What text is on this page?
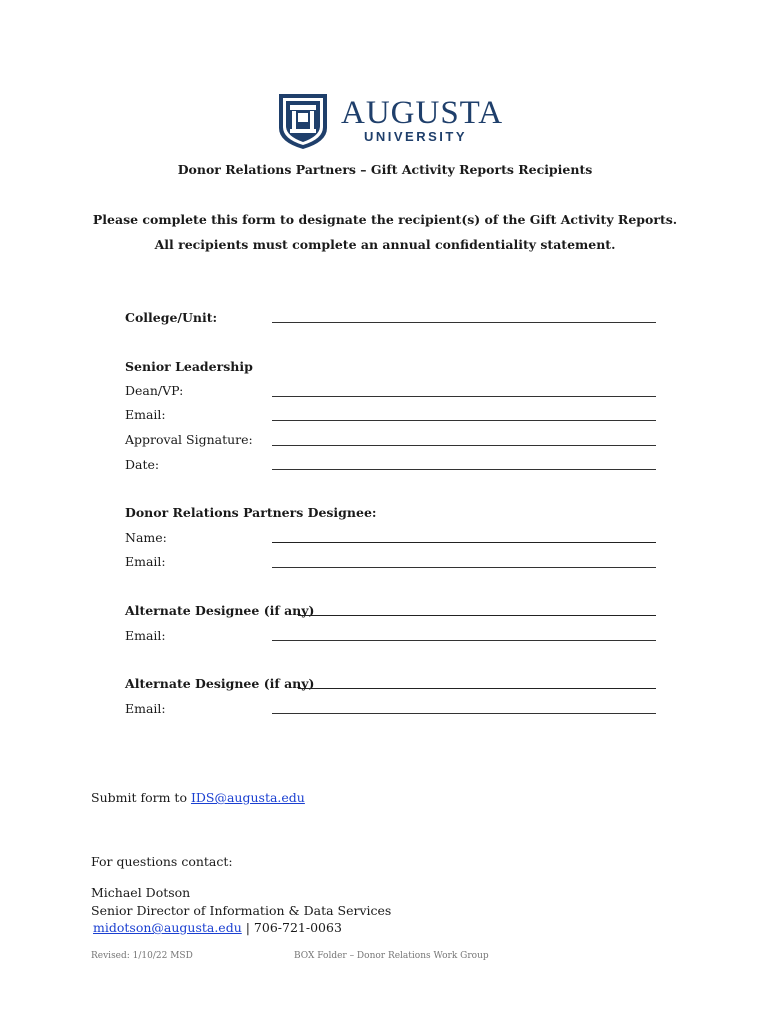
AUGUSTA
UNIVERSITY
Donor Relations Partners – Gift Activity Reports Recipients
Please complete this form to designate the recipient(s) of the Gift Activity Reports.
All recipients must complete an annual confidentiality statement.
College/Unit:
Senior Leadership
Dean/VP:
Email:
Approval Signature:
Date:
Donor Relations Partners Designee:
Name:
Email:
Alternate Designee (if any)
Email:
Alternate Designee (if any)
Email:
Submit form to IDS@augusta.edu
For questions contact:
Michael Dotson
Senior Director of Information & Data Services
midotson@augusta.edu | 706-721-0063
Revised: 1/10/22 MSD	BOX Folder – Donor Relations Work Group
